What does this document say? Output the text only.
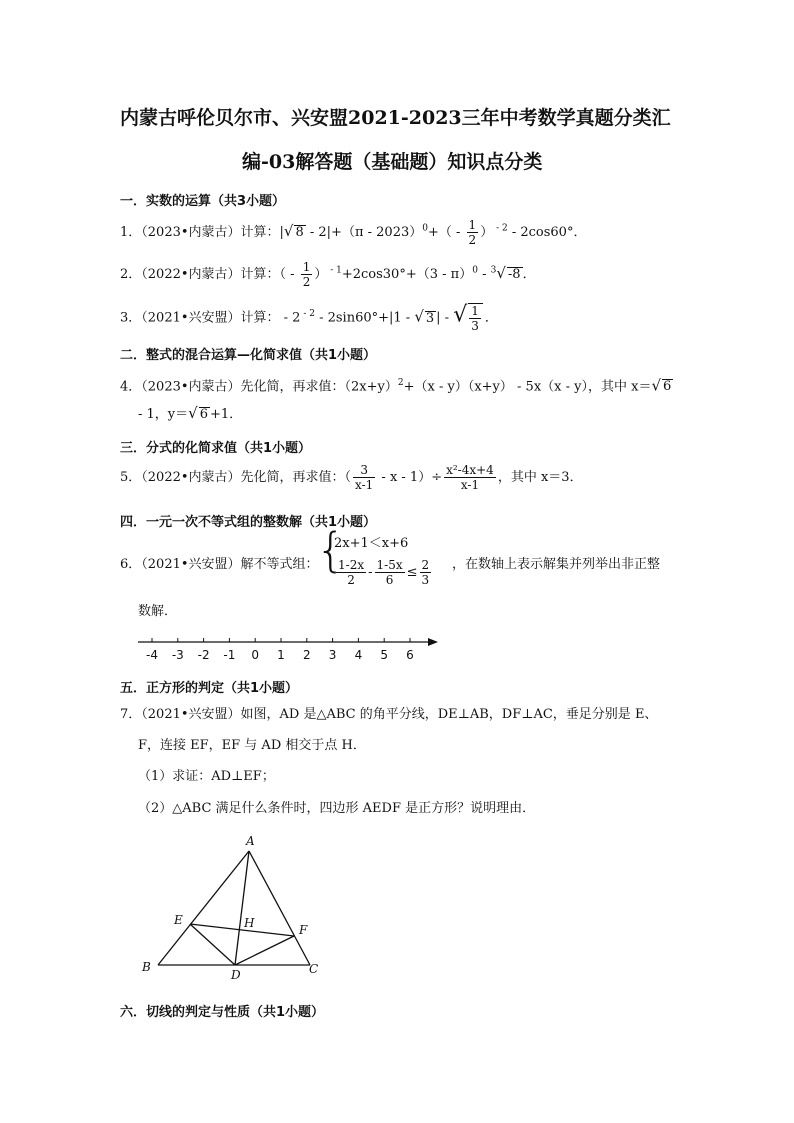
内蒙古呼伦贝尔市、兴安盟2021-2023三年中考数学真题分类汇
编-03解答题（基础题）知识点分类
一．实数的运算（共3小题）
1．（2023•内蒙古）计算：|√ $8 - 2|+(\pi - 2023)^0+( - \frac{1}{2}$ ） $^{- 2}$ - 2cos60°．
2．（2022•内蒙古）计算：（ - $\frac{1}{2}$ ） $^{- 1}$+2cos30°+（3 - π）$^0$ - $^3$√ -8 ．
3．（2021•兴安盟）计算： - 2 $^{- 2}$ - 2sin60°+|1 - √ 3 | - √ $\frac{1}{3}$ ．
二．整式的混合运算—化简求值（共1小题）
4．（2023•内蒙古）先化简，再求值：$(2x+y)^2+(x - y)(x+y) - 5x(x - y)$，其中 x＝√ 6
- 1，y＝√ 6 +1．
三．分式的化简求值（共1小题）
5．（2022•内蒙古）先化简，再求值：（ $\frac{3}{x-1} - x - 1)\div \frac{\text{x²-4x+4}}{x-1}$ ，其中 x＝3．
四．一元一次不等式组的整数解（共1小题）
6．（2021•兴安盟）解不等式组：
{
2x+1＜x+6
$\frac{1-2x}{2} - \frac{1-5x}{6} \le \frac{2}{3}$ ，在数轴上表示解集并列举出非正整
数解．
-4 -3 -2 -1 0 1 2 3 4 5 6
五．正方形的判定（共1小题）
7．（2021•兴安盟）如图，AD 是△ABC 的角平分线，DE⊥AB，DF⊥AC，垂足分别是 E、
F，连接 EF，EF 与 AD 相交于点 H．
（1）求证：AD⊥EF；
（2）△ABC 满足什么条件时，四边形 AEDF 是正方形？说明理由．
A
B	C
D
E
F
H
六．切线的判定与性质（共1小题）
